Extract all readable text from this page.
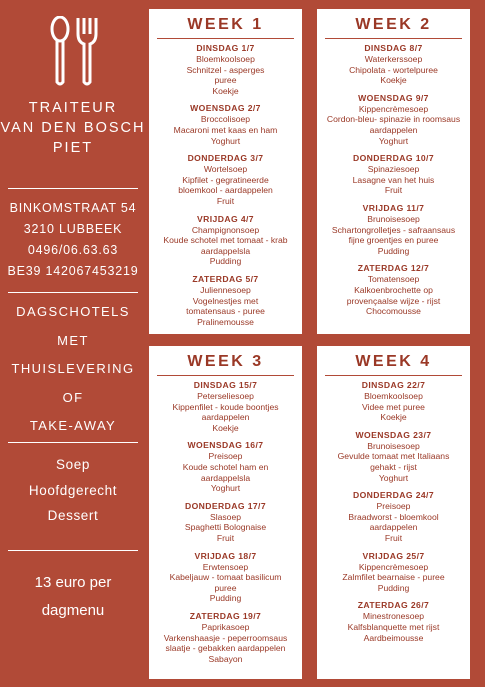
TRAITEUR
VAN DEN BOSCH
PIET
BINKOMSTRAAT 54
3210 LUBBEEK
0496/06.63.63
BE39 142067453219
DAGSCHOTELS
MET
THUISLEVERING
OF
TAKE-AWAY
Soep
Hoofdgerecht
Dessert
13 euro per
dagmenu
WEEK 1
DINSDAG 1/7
Bloemkoolsoep
Schnitzel - asperges
puree
Koekje
WOENSDAG 2/7
Broccolisoep
Macaroni met kaas en ham
Yoghurt
DONDERDAG 3/7
Wortelsoep
Kipfilet - gegratineerde
bloemkool - aardappelen
Fruit
VRIJDAG 4/7
Champignonsoep
Koude schotel met tomaat - krab
aardappelsla
Pudding
ZATERDAG 5/7
Juliennesoep
Vogelnestjes met
tomatensaus - puree
Pralinemousse
WEEK 2
DINSDAG 8/7
Waterkerssoep
Chipolata - wortelpuree
Koekje
WOENSDAG 9/7
Kippencrèmesoep
Cordon-bleu- spinazie in roomsaus
aardappelen
Yoghurt
DONDERDAG 10/7
Spinaziesoep
Lasagne van het huis
Fruit
VRIJDAG 11/7
Brunoisesoep
Schartongrolletjes - safraansaus
fijne groentjes en puree
Pudding
ZATERDAG 12/7
Tomatensoep
Kalkoenbrochette op
provençaalse wijze - rijst
Chocomousse
WEEK 3
DINSDAG 15/7
Peterseliesoep
Kippenfilet - koude boontjes
aardappelen
Koekje
WOENSDAG 16/7
Preisoep
Koude schotel ham en
aardappelsla
Yoghurt
DONDERDAG 17/7
Slasoep
Spaghetti Bolognaise
Fruit
VRIJDAG 18/7
Erwtensoep
Kabeljauw - tomaat basilicum
puree
Pudding
ZATERDAG 19/7
Paprikasoep
Varkenshaasje - peperroomsaus
slaatje - gebakken aardappelen
Sabayon
WEEK 4
DINSDAG 22/7
Bloemkoolsoep
Videe met puree
Koekje
WOENSDAG 23/7
Brunoisesoep
Gevulde tomaat met Italiaans
gehakt - rijst
Yoghurt
DONDERDAG 24/7
Preisoep
Braadworst - bloemkool
aardappelen
Fruit
VRIJDAG 25/7
Kippencrèmesoep
Zalmfilet bearnaise - puree
Pudding
ZATERDAG 26/7
Minestronesoep
Kalfsblanquette met rijst
Aardbeimousse
